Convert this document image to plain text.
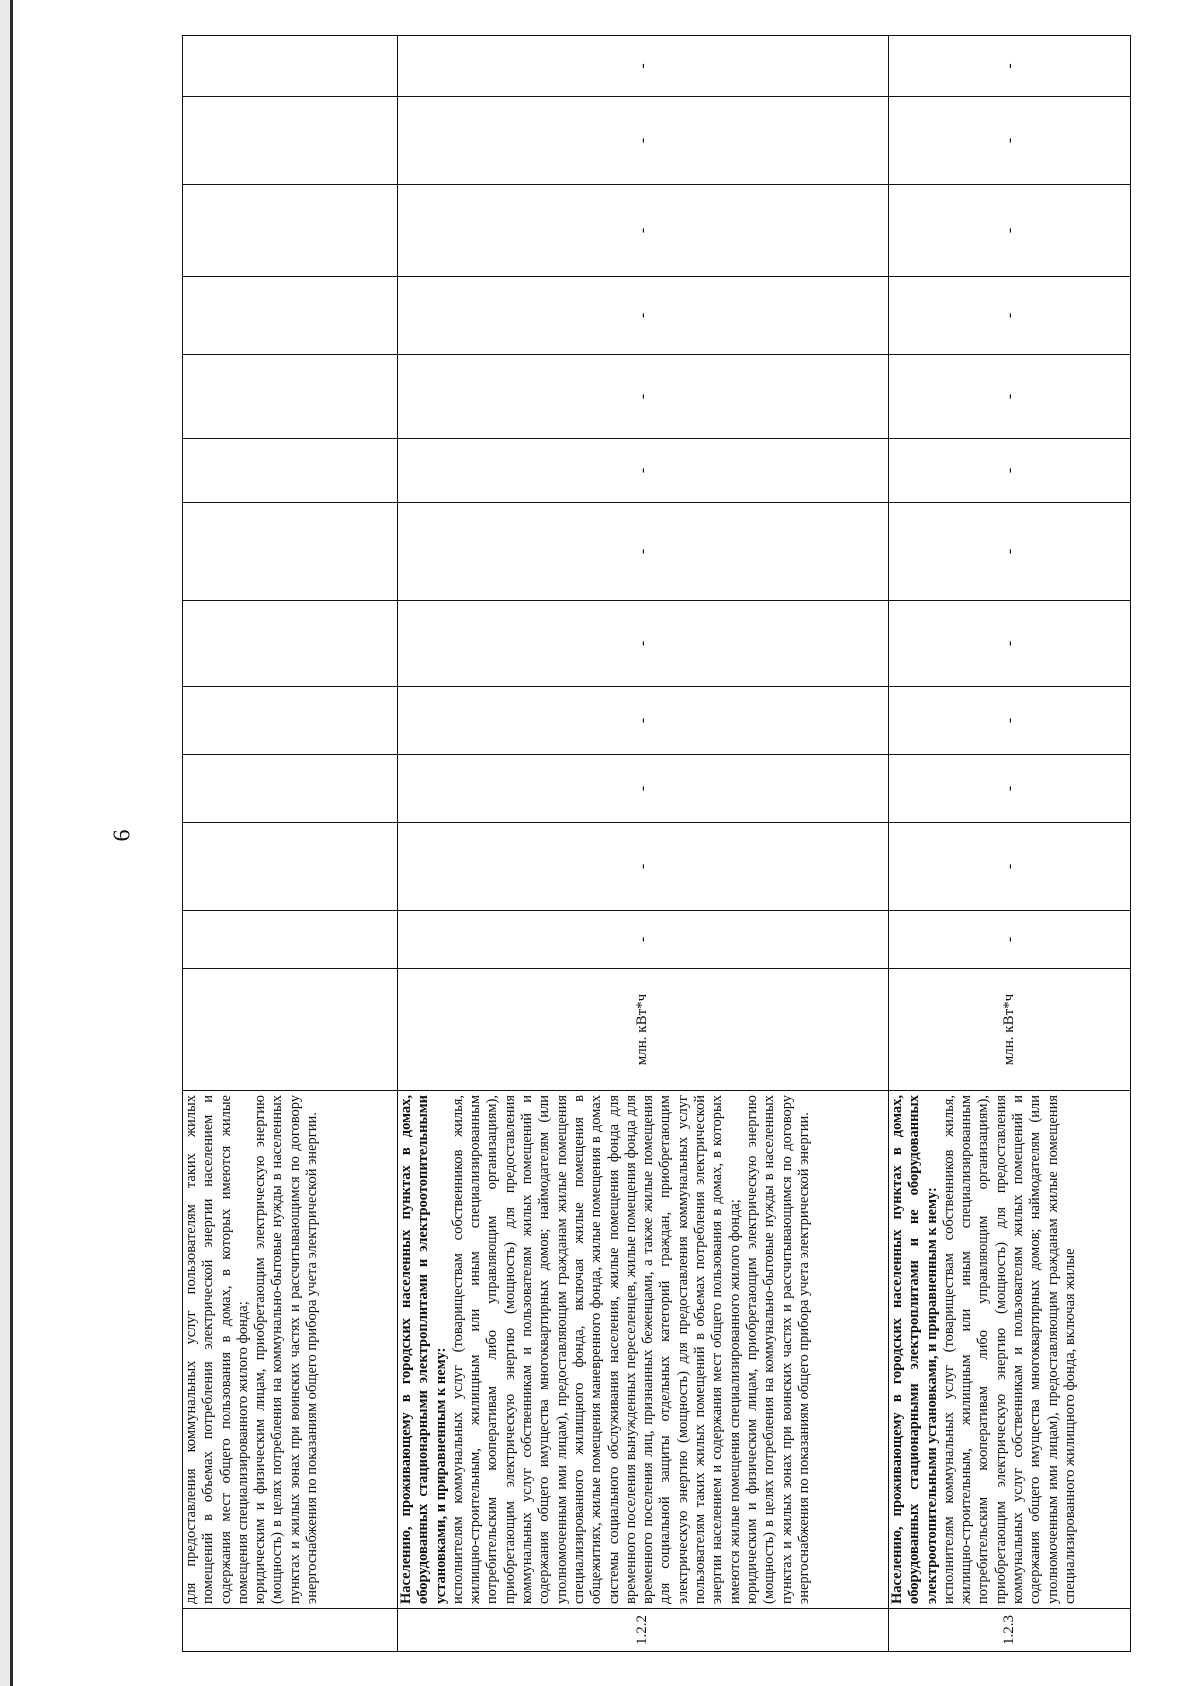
6

	для предоставления коммунальных услуг пользователям таких жилых помещений в объемах потребления электрической энергии населением и содержания мест общего пользования в домах, в которых имеются жилые помещения специализированного жилого фонда; юридическим и физическим лицам, приобретающим электрическую энергию (мощность) в целях потребления на коммунально-бытовые нужды в населенных пунктах и жилых зонах при воинских частях и рассчитывающимся по договору энергоснабжения по показаниям общего прибора учета электрической энергии.													

1.2.2	Населению, проживающему в городских населенных пунктах в домах, оборудованных стационарными электроплитами и электроотопительными установками, и приравненным к нему: исполнителям коммунальных услуг (товариществам собственников жилья, жилищно-строительным, жилищным или иным специализированным потребительским кооперативам либо управляющим организациям), приобретающим электрическую энергию (мощность) для предоставления коммунальных услуг собственникам и пользователям жилых помещений и содержания общего имущества многоквартирных домов; наймодателям (или уполномоченным ими лицам), предоставляющим гражданам жилые помещения специализированного жилищного фонда, включая жилые помещения в общежитиях, жилые помещения маневренного фонда, жилые помещения в домах системы социального обслуживания населения, жилые помещения фонда для временного поселения вынужденных переселенцев, жилые помещения фонда для временного поселения лиц, признанных беженцами, а также жилые помещения для социальной защиты отдельных категорий граждан, приобретающим электрическую энергию (мощность) для предоставления коммунальных услуг пользователям таких жилых помещений в объемах потребления электрической энергии населением и содержания мест общего пользования в домах, в которых имеются жилые помещения специализированного жилого фонда; юридическим и физическим лицам, приобретающим электрическую энергию (мощность) в целях потребления на коммунально-бытовые нужды в населенных пунктах и жилых зонах при воинских частях и рассчитывающимся по договору энергоснабжения по показаниям общего прибора учета электрической энергии.	млн. кВт*ч	-	-	-	-	-	-	-	-	-	-	-	-
1.2.3	Населению, проживающему в городских населенных пунктах в домах, оборудованных стационарными электроплитами и не оборудованных электроотопительными установками, и приравненным к нему: исполнителям коммунальных услуг (товариществам собственников жилья, жилищно-строительным, жилищным или иным специализированным потребительским кооперативам либо управляющим организациям), приобретающим электрическую энергию (мощность) для предоставления коммунальных услуг собственникам и пользователям жилых помещений и содержания общего имущества многоквартирных домов; наймодателям (или уполномоченным ими лицам), предоставляющим гражданам жилые помещения специализированного жилищного фонда, включая жилые	млн. кВт*ч	-	-	-	-	-	-	-	-	-	-	-	-
